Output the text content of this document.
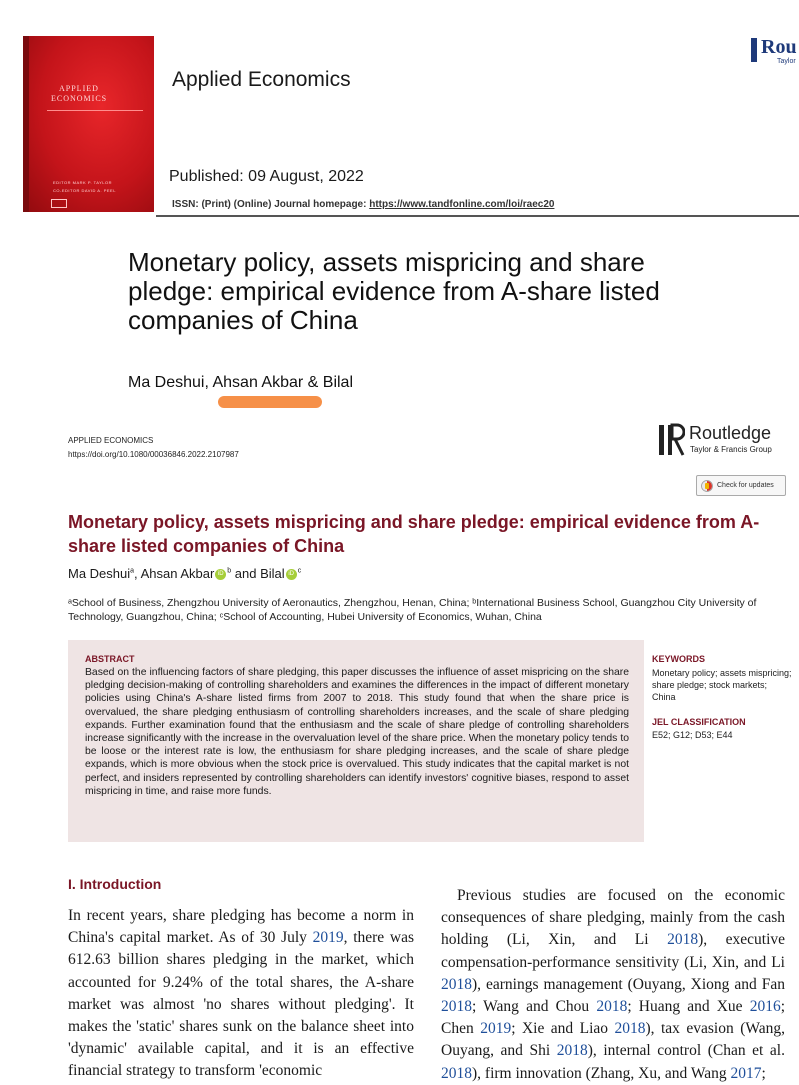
APPLIED
ECONOMICS
EDITOR MARK P. TAYLOR
CO-EDITOR DAVID A. PEEL
Applied Economics
Published: 09 August, 2022
ISSN: (Print) (Online) Journal homepage: https://www.tandfonline.com/loi/raec20
Rou
Taylor
Monetary policy, assets mispricing and share pledge: empirical evidence from A-share listed companies of China
Ma Deshui, Ahsan Akbar & Bilal
APPLIED ECONOMICS
https://doi.org/10.1080/00036846.2022.2107987
Routledge
Taylor & Francis Group
Check for updates
Monetary policy, assets mispricing and share pledge: empirical evidence from A-share listed companies of China
Ma Deshui$^a$, Ahsan Akbar iD $^b$ and Bilal iD $^c$
ᵃSchool of Business, Zhengzhou University of Aeronautics, Zhengzhou, Henan, China; ᵇInternational Business School, Guangzhou City University of Technology, Guangzhou, China; ᶜSchool of Accounting, Hubei University of Economics, Wuhan, China
ABSTRACT
Based on the influencing factors of share pledging, this paper discusses the influence of asset mispricing on the share pledging decision-making of controlling shareholders and examines the differences in the impact of different monetary policies using China's A-share listed firms from 2007 to 2018. This study found that when the share price is overvalued, the share pledging enthusiasm of controlling shareholders increases, and the scale of share pledging expands. Further examination found that the enthusiasm and the scale of share pledge of controlling shareholders increase significantly with the increase in the overvaluation level of the share price. When the monetary policy tends to be loose or the interest rate is low, the enthusiasm for share pledging increases, and the scale of share pledge expands, which is more obvious when the stock price is overvalued. This study indicates that the capital market is not perfect, and insiders represented by controlling shareholders can identify investors' cognitive biases, respond to asset mispricing in time, and raise more funds.
KEYWORDS
Monetary policy; assets mispricing; share pledge; stock markets; China
JEL CLASSIFICATION
E52; G12; D53; E44
I. Introduction

In recent years, share pledging has become a norm in China's capital market. As of 30 July 2019, there was 612.63 billion shares pledging in the market, which accounted for 9.24% of the total shares, the A-share market was almost 'no shares without pledging'. It makes the 'static' shares sunk on the balance sheet into 'dynamic' available capital, and it is an effective financial strategy to transform 'economic

Previous studies are focused on the economic consequences of share pledging, mainly from the cash holding (Li, Xin, and Li 2018), executive compensation-performance sensitivity (Li, Xin, and Li 2018), earnings management (Ouyang, Xiong and Fan 2018; Wang and Chou 2018; Huang and Xue 2016; Chen 2019; Xie and Liao 2018), tax evasion (Wang, Ouyang, and Shi 2018), internal control (Chan et al. 2018), firm innovation (Zhang, Xu, and Wang 2017;
